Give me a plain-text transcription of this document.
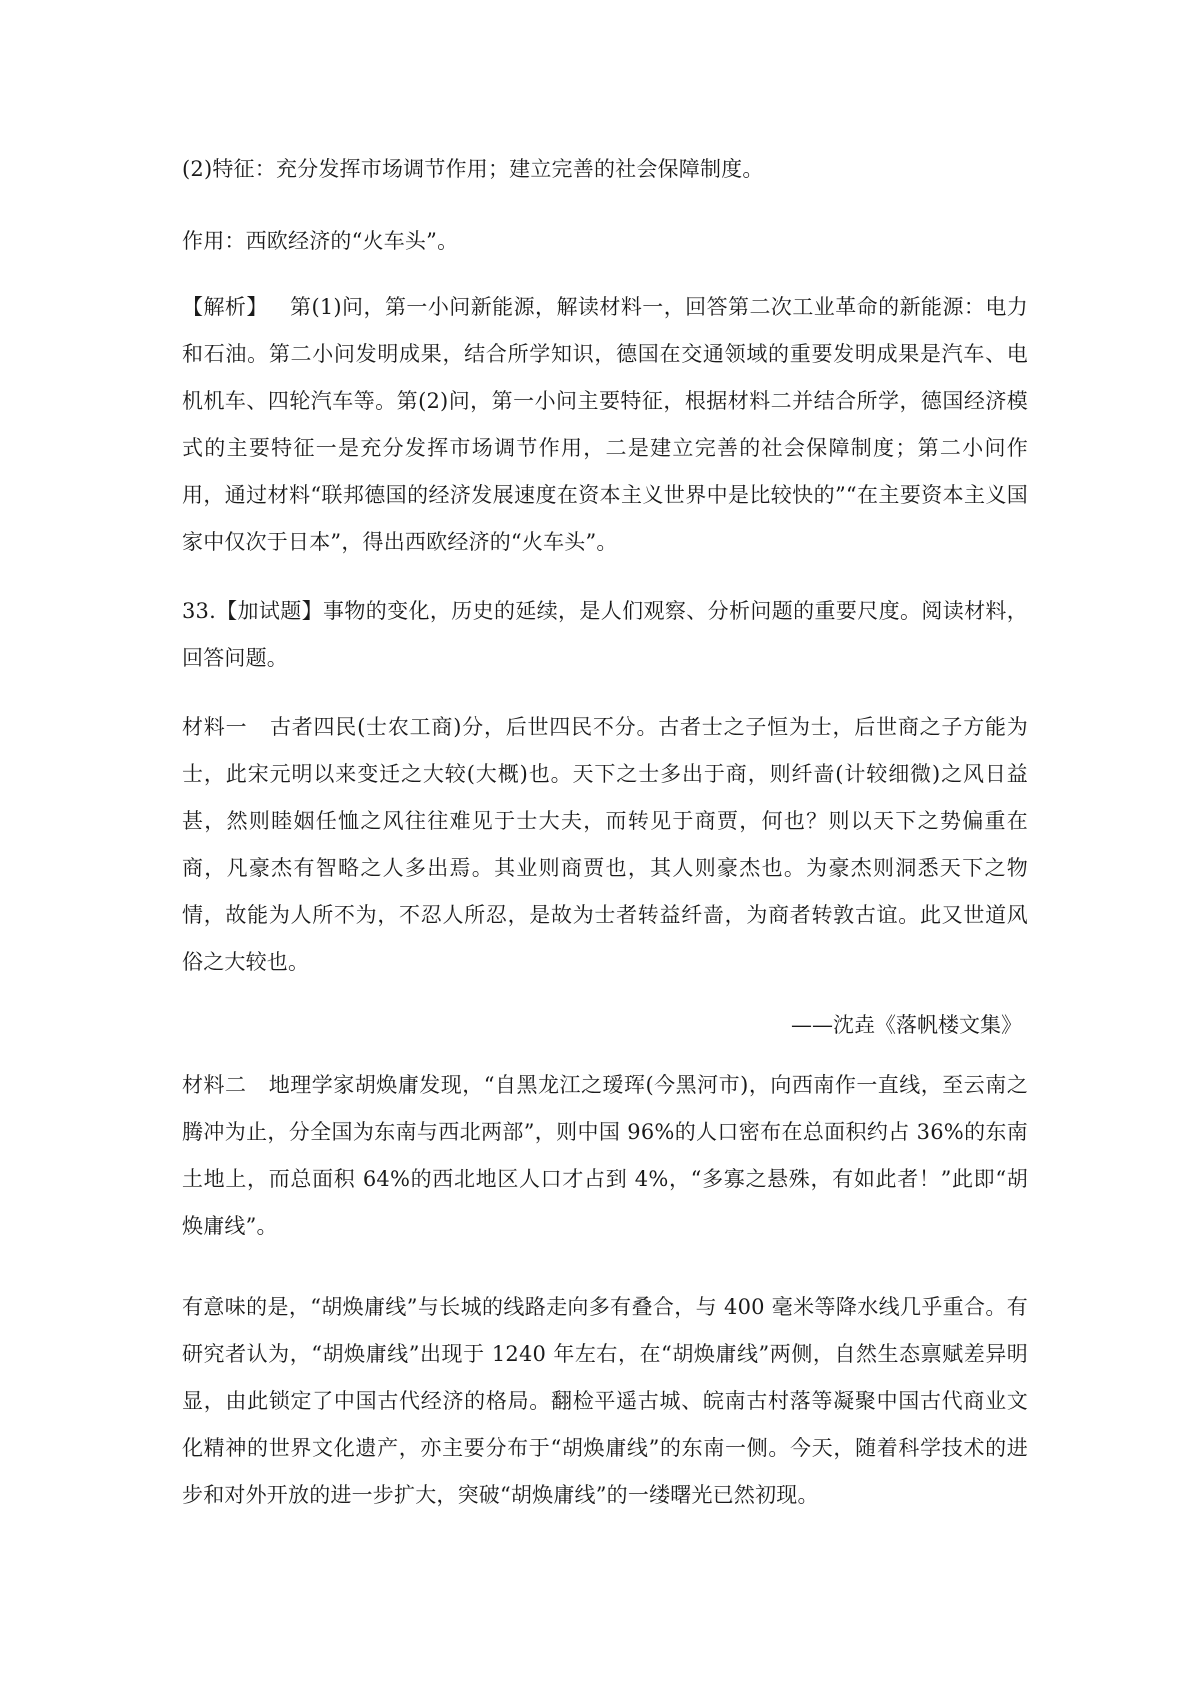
(2)特征：充分发挥市场调节作用；建立完善的社会保障制度。

作用：西欧经济的“火车头”。

【解析】 第(1)问，第一小问新能源，解读材料一，回答第二次工业革命的新能源：电力和石油。第二小问发明成果，结合所学知识，德国在交通领域的重要发明成果是汽车、电机机车、四轮汽车等。第(2)问，第一小问主要特征，根据材料二并结合所学，德国经济模式的主要特征一是充分发挥市场调节作用，二是建立完善的社会保障制度；第二小问作用，通过材料“联邦德国的经济发展速度在资本主义世界中是比较快的”“在主要资本主义国家中仅次于日本”，得出西欧经济的“火车头”。

33.【加试题】事物的变化，历史的延续，是人们观察、分析问题的重要尺度。阅读材料，回答问题。

材料一 古者四民(士农工商)分，后世四民不分。古者士之子恒为士，后世商之子方能为士，此宋元明以来变迁之大较(大概)也。天下之士多出于商，则纤啬(计较细微)之风日益甚，然则睦姻任恤之风往往难见于士大夫，而转见于商贾，何也？则以天下之势偏重在商，凡豪杰有智略之人多出焉。其业则商贾也，其人则豪杰也。为豪杰则洞悉天下之物情，故能为人所不为，不忍人所忍，是故为士者转益纤啬，为商者转敦古谊。此又世道风俗之大较也。

——沈垚《落帆楼文集》

材料二 地理学家胡焕庸发现，“自黑龙江之瑷珲(今黑河市)，向西南作一直线，至云南之腾冲为止，分全国为东南与西北两部”，则中国 96%的人口密布在总面积约占 36%的东南土地上，而总面积 64%的西北地区人口才占到 4%，“多寡之悬殊，有如此者！”此即“胡焕庸线”。

有意味的是，“胡焕庸线”与长城的线路走向多有叠合，与 400 毫米等降水线几乎重合。有研究者认为，“胡焕庸线”出现于 1240 年左右，在“胡焕庸线”两侧，自然生态禀赋差异明显，由此锁定了中国古代经济的格局。翻检平遥古城、皖南古村落等凝聚中国古代商业文化精神的世界文化遗产，亦主要分布于“胡焕庸线”的东南一侧。今天，随着科学技术的进步和对外开放的进一步扩大，突破“胡焕庸线”的一缕曙光已然初现。
